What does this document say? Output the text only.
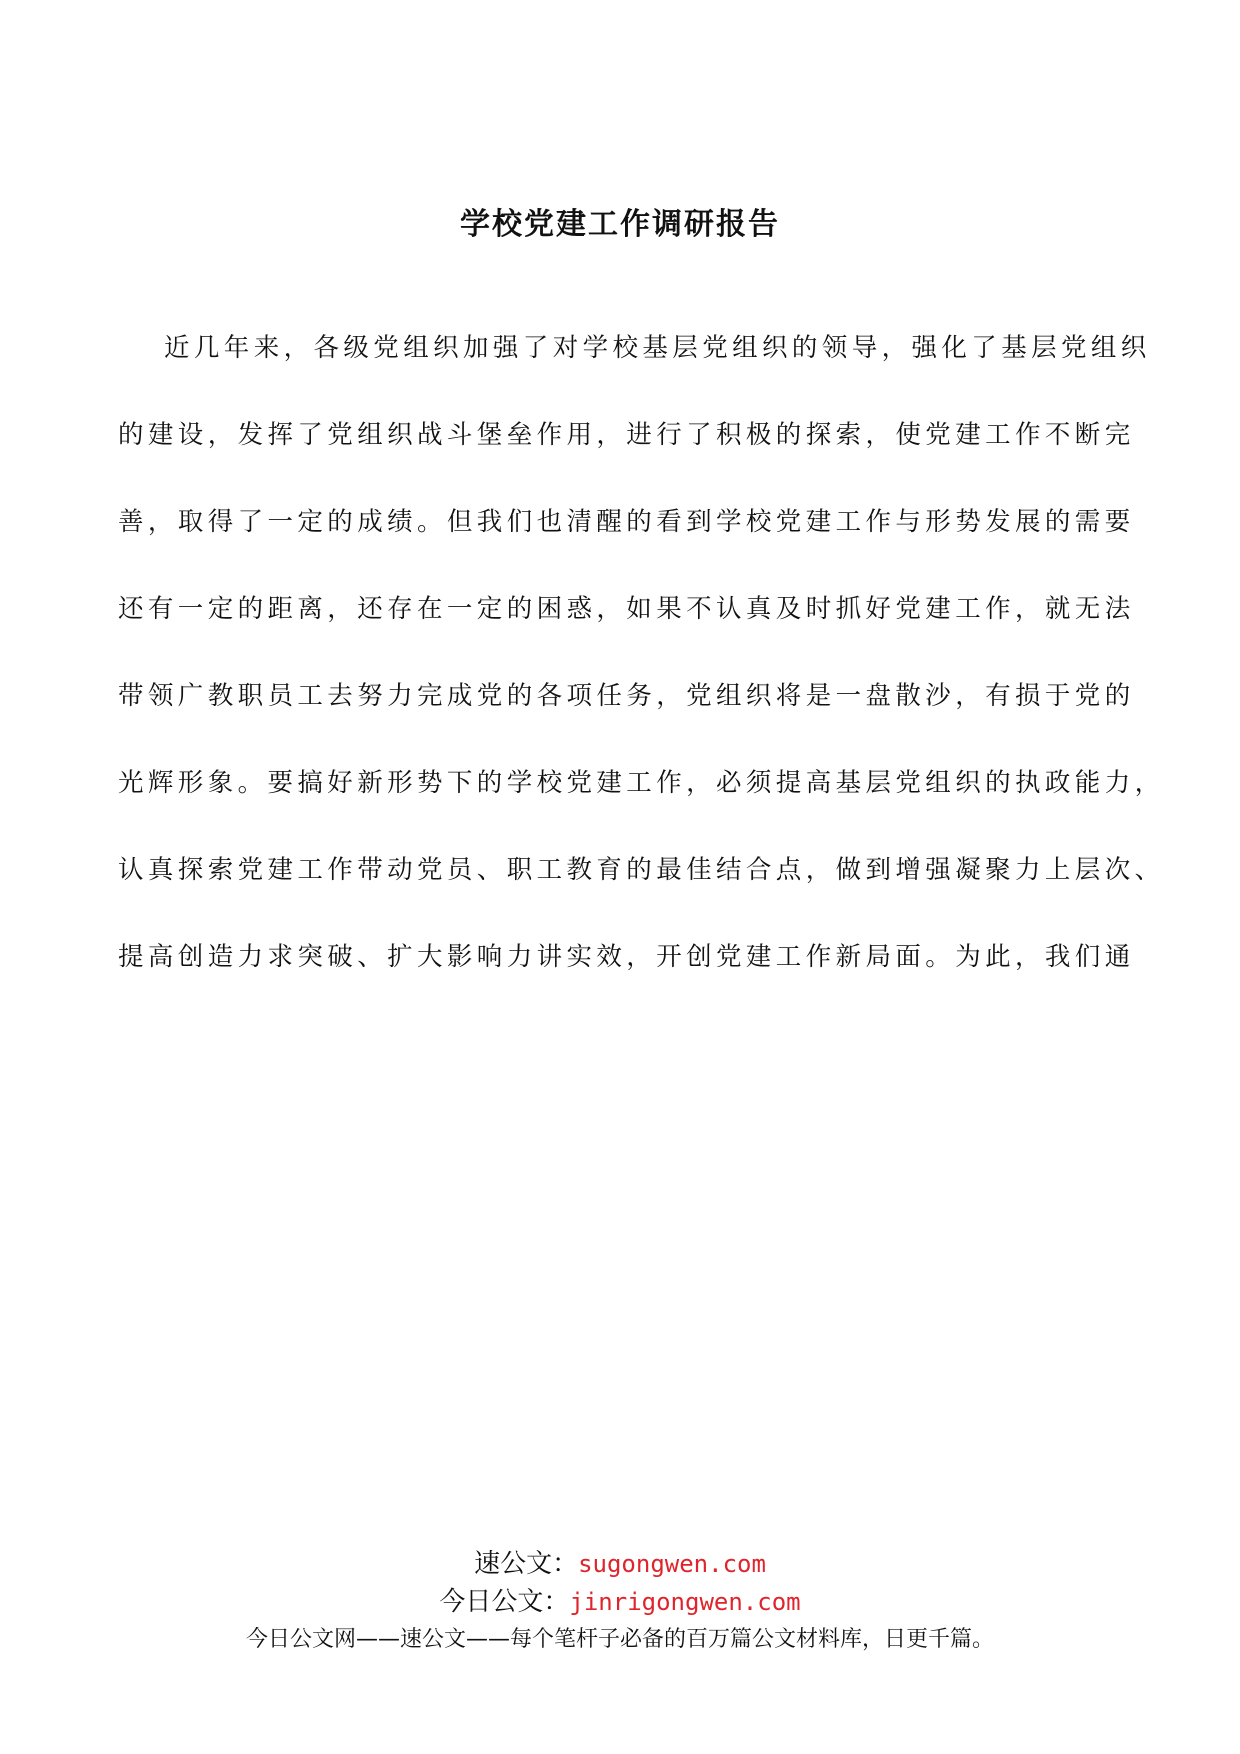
学校党建工作调研报告
近几年来，各级党组织加强了对学校基层党组织的领导，强化了基层党组织
的建设，发挥了党组织战斗堡垒作用，进行了积极的探索，使党建工作不断完
善，取得了一定的成绩。但我们也清醒的看到学校党建工作与形势发展的需要
还有一定的距离，还存在一定的困惑，如果不认真及时抓好党建工作，就无法
带领广教职员工去努力完成党的各项任务，党组织将是一盘散沙，有损于党的
光辉形象。要搞好新形势下的学校党建工作，必须提高基层党组织的执政能力，
认真探索党建工作带动党员、职工教育的最佳结合点，做到增强凝聚力上层次、
提高创造力求突破、扩大影响力讲实效，开创党建工作新局面。为此，我们通
速公文：sugongwen.com
今日公文：jinrigongwen.com
今日公文网——速公文——每个笔杆子必备的百万篇公文材料库，日更千篇。
